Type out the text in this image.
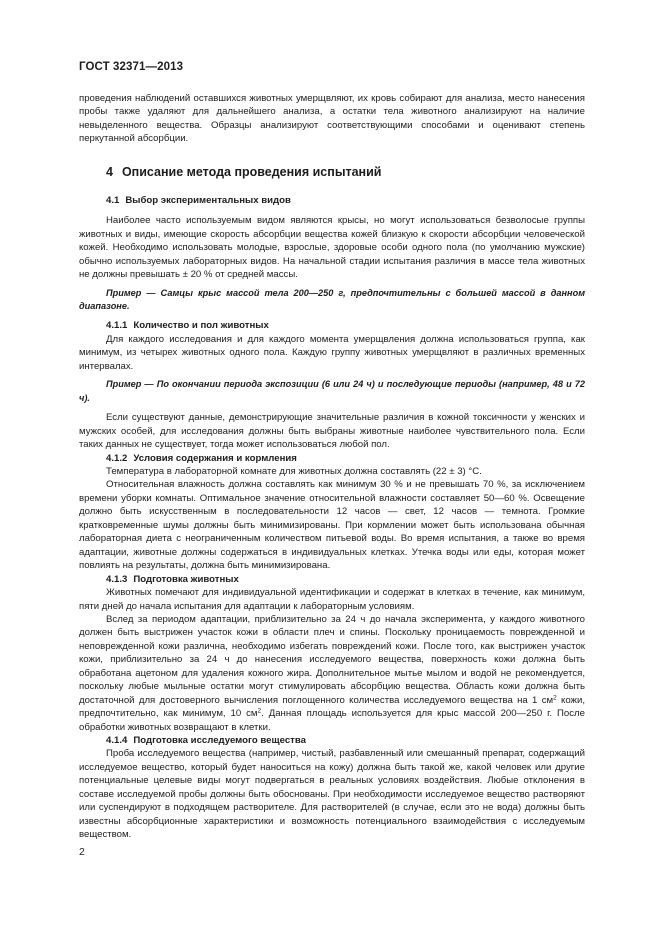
ГОСТ 32371—2013

проведения наблюдений оставшихся животных умерщвляют, их кровь собирают для анализа, место нанесения пробы также удаляют для дальнейшего анализа, а остатки тела животного анализируют на наличие невыделенного вещества. Образцы анализируют соответствующими способами и оценивают степень перкутанной абсорбции.

4 Описание метода проведения испытаний
4.1 Выбор экспериментальных видов

Наиболее часто используемым видом являются крысы, но могут использоваться безволосые группы животных и виды, имеющие скорость абсорбции вещества кожей близкую к скорости абсорбции человеческой кожей. Необходимо использовать молодые, взрослые, здоровые особи одного пола (по умолчанию мужские) обычно используемых лабораторных видов. На начальной стадии испытания различия в массе тела животных не должны превышать ± 20 % от средней массы.

Пример — Самцы крыс массой тела 200—250 г, предпочтительны с большей массой в данном диапазоне.

4.1.1 Количество и пол животных

Для каждого исследования и для каждого момента умерщвления должна использоваться группа, как минимум, из четырех животных одного пола. Каждую группу животных умерщвляют в различных временных интервалах.

Пример — По окончании периода экспозиции (6 или 24 ч) и последующие периоды (например, 48 и 72 ч).

Если существуют данные, демонстрирующие значительные различия в кожной токсичности у женских и мужских особей, для исследования должны быть выбраны животные наиболее чувствительного пола. Если таких данных не существует, тогда может использоваться любой пол.

4.1.2 Условия содержания и кормления

Температура в лабораторной комнате для животных должна составлять (22 ± 3) °С.

Относительная влажность должна составлять как минимум 30 % и не превышать 70 %, за исключением времени уборки комнаты. Оптимальное значение относительной влажности составляет 50—60 %. Освещение должно быть искусственным в последовательности 12 часов — свет, 12 часов — темнота. Громкие кратковременные шумы должны быть минимизированы. При кормлении может быть использована обычная лабораторная диета с неограниченным количеством питьевой воды. Во время испытания, а также во время адаптации, животные должны содержаться в индивидуальных клетках. Утечка воды или еды, которая может повлиять на результаты, должна быть минимизирована.

4.1.3 Подготовка животных

Животных помечают для индивидуальной идентификации и содержат в клетках в течение, как минимум, пяти дней до начала испытания для адаптации к лабораторным условиям.

Вслед за периодом адаптации, приблизительно за 24 ч до начала эксперимента, у каждого животного должен быть выстрижен участок кожи в области плеч и спины. Поскольку проницаемость поврежденной и неповрежденной кожи различна, необходимо избегать повреждений кожи. После того, как выстрижен участок кожи, приблизительно за 24 ч до нанесения исследуемого вещества, поверхность кожи должна быть обработана ацетоном для удаления кожного жира. Дополнительное мытье мылом и водой не рекомендуется, поскольку любые мыльные остатки могут стимулировать абсорбцию вещества. Область кожи должна быть достаточной для достоверного вычисления поглощенного количества исследуемого вещества на 1 $см^2$ кожи, предпочтительно, как минимум, 10 $см^2$. Данная площадь используется для крыс массой 200—250 г. После обработки животных возвращают в клетки.

4.1.4 Подготовка исследуемого вещества

Проба исследуемого вещества (например, чистый, разбавленный или смешанный препарат, содержащий исследуемое вещество, который будет наноситься на кожу) должна быть такой же, какой человек или другие потенциальные целевые виды могут подвергаться в реальных условиях воздействия. Любые отклонения в составе исследуемой пробы должны быть обоснованы. При необходимости исследуемое вещество растворяют или суспендируют в подходящем растворителе. Для растворителей (в случае, если это не вода) должны быть известны абсорбционные характеристики и возможность потенциального взаимодействия с исследуемым веществом.

2
